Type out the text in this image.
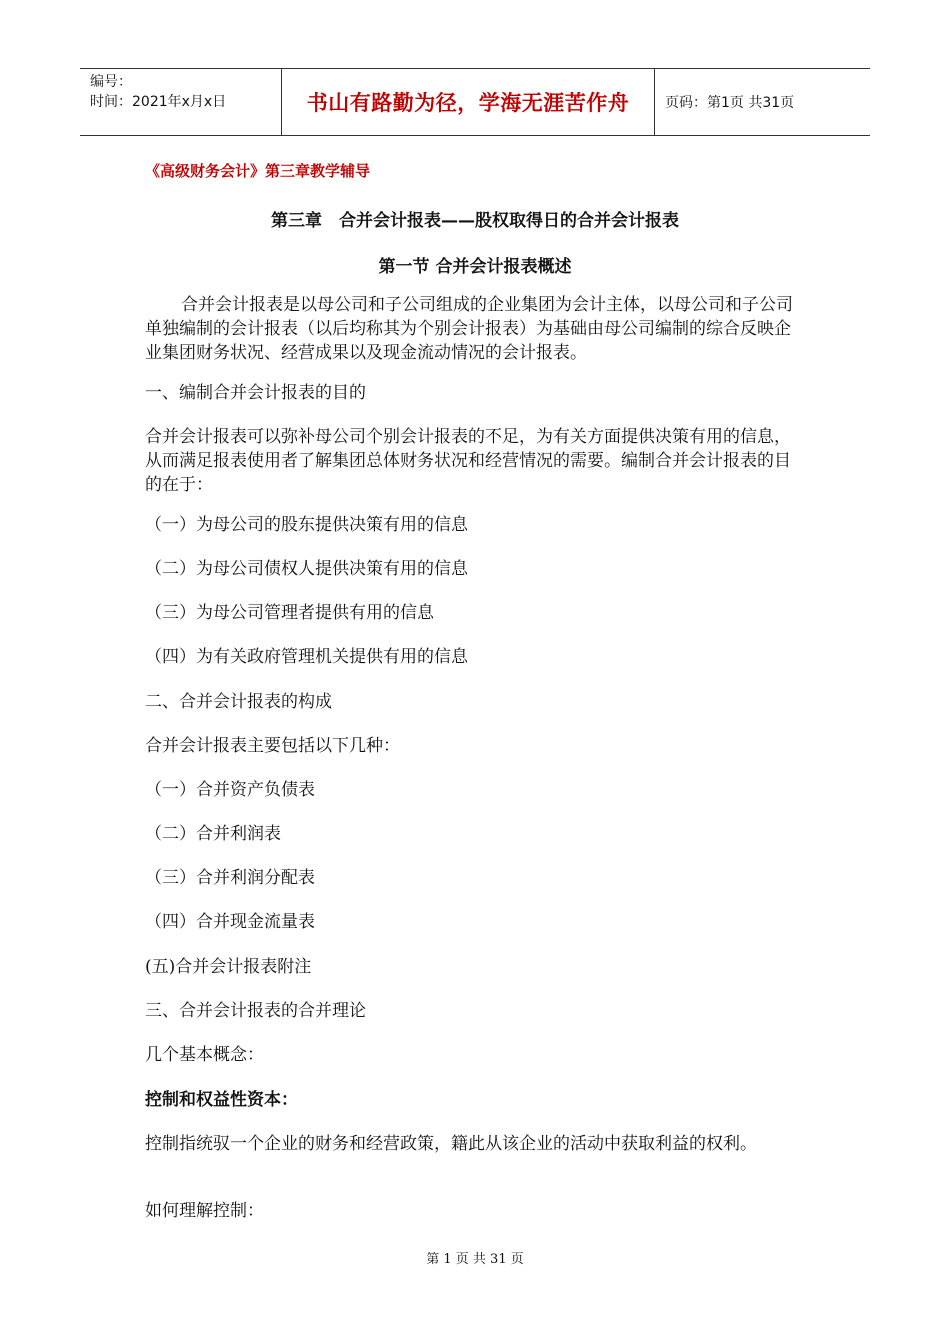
编号：
时间：2021年x月x日	书山有路勤为径，学海无涯苦作舟	页码：第1页 共31页
《高级财务会计》第三章教学辅导
第三章　合并会计报表——股权取得日的合并会计报表
第一节 合并会计报表概述
合并会计报表是以母公司和子公司组成的企业集团为会计主体，以母公司和子公司单独编制的会计报表（以后均称其为个别会计报表）为基础由母公司编制的综合反映企业集团财务状况、经营成果以及现金流动情况的会计报表。
一、编制合并会计报表的目的
合并会计报表可以弥补母公司个别会计报表的不足，为有关方面提供决策有用的信息，从而满足报表使用者了解集团总体财务状况和经营情况的需要。编制合并会计报表的目的在于：
（一）为母公司的股东提供决策有用的信息
（二）为母公司债权人提供决策有用的信息
（三）为母公司管理者提供有用的信息
（四）为有关政府管理机关提供有用的信息
二、合并会计报表的构成
合并会计报表主要包括以下几种：
（一）合并资产负债表
（二）合并利润表
（三）合并利润分配表
（四）合并现金流量表
(五)合并会计报表附注
三、合并会计报表的合并理论
几个基本概念：
控制和权益性资本：
控制指统驭一个企业的财务和经营政策，籍此从该企业的活动中获取利益的权利。
如何理解控制：
第 1 页 共 31 页
